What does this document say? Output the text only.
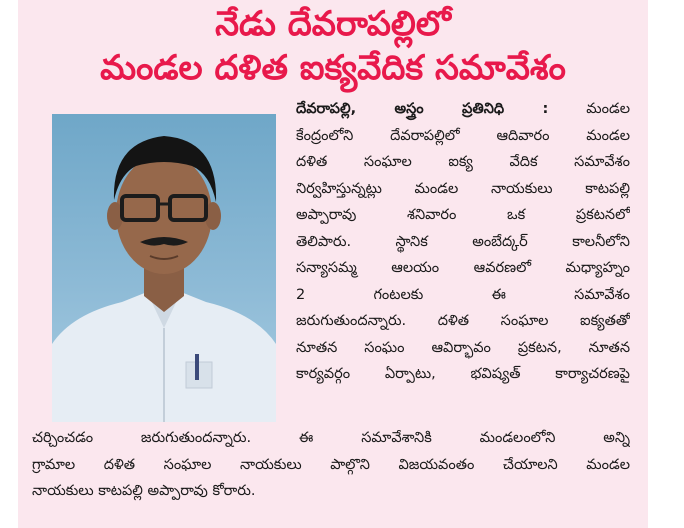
నేడు దేవరాపల్లిలో
మండల దళిత ఐక్యవేదిక సమావేశం
దేవరాపల్లి, అస్త్రం ప్రతినిధి :	మండల
కేంద్రంలోని దేవరాపల్లిలో ఆదివారం మండల
దళిత సంఘాల ఐక్య వేదిక సమావేశం
నిర్వహిస్తున్నట్లు మండల నాయకులు కాటపల్లి
అప్పారావు శనివారం ఒక ప్రకటనలో
తెలిపారు. స్థానిక అంబేద్కర్ కాలనీలోని
సన్యాసమ్మ ఆలయం ఆవరణలో మధ్యాహ్నం
2 గంటలకు ఈ సమావేశం
జరుగుతుందన్నారు. దళిత సంఘాల ఐక్యతతో
నూతన సంఘం ఆవిర్భావం ప్రకటన, నూతన
కార్యవర్గం ఏర్పాటు, భవిష్యత్ కార్యాచరణపై
చర్చించడం జరుగుతుందన్నారు. ఈ సమావేశానికి మండలంలోని అన్ని
గ్రామాల దళిత సంఘాల నాయకులు పాల్గొని విజయవంతం చేయాలని మండల
నాయకులు కాటపల్లి అప్పారావు కోరారు.
